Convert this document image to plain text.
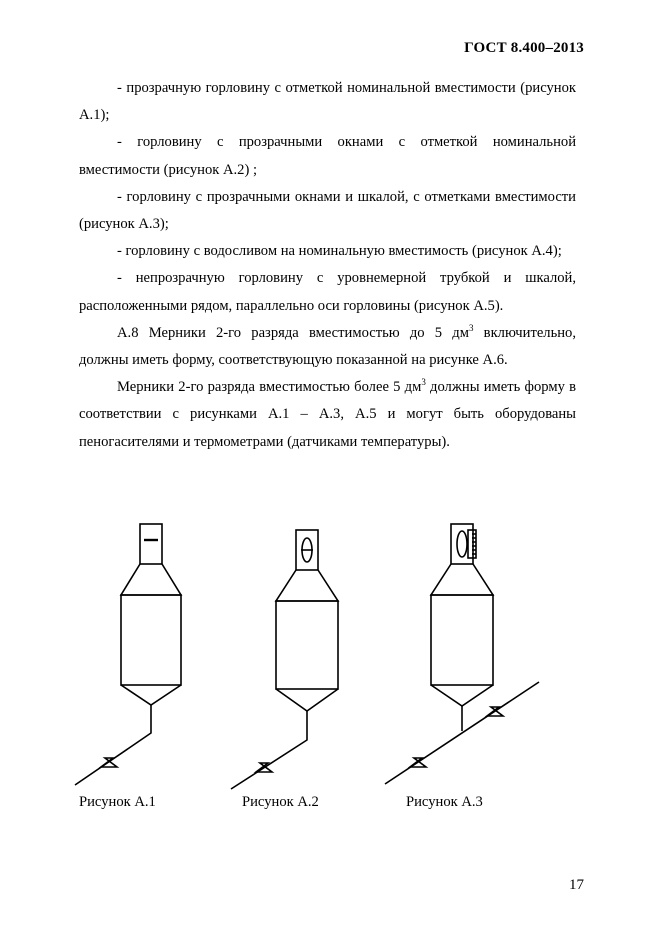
ГОСТ 8.400–2013

- прозрачную горловину с отметкой номинальной вместимости (рисунок А.1);

- горловину с прозрачными окнами с отметкой номинальной вместимости (рисунок А.2) ;

- горловину с прозрачными окнами и шкалой, с отметками вместимости (рисунок А.3);

- горловину с водосливом на номинальную вместимость (рисунок А.4);

- непрозрачную горловину с уровнемерной трубкой и шкалой, расположенными рядом, параллельно оси горловины (рисунок А.5).

А.8 Мерники 2-го разряда вместимостью до 5 $дм^3$ включительно, должны иметь форму, соответствующую показанной на рисунке А.6.

Мерники 2-го разряда вместимостью более 5 $дм^3$ должны иметь форму в соответствии с рисунками А.1 – А.3, А.5 и могут быть оборудованы пеногасителями и термометрами (датчиками температуры).

Рисунок А.1	Рисунок А.2	Рисунок А.3
17
